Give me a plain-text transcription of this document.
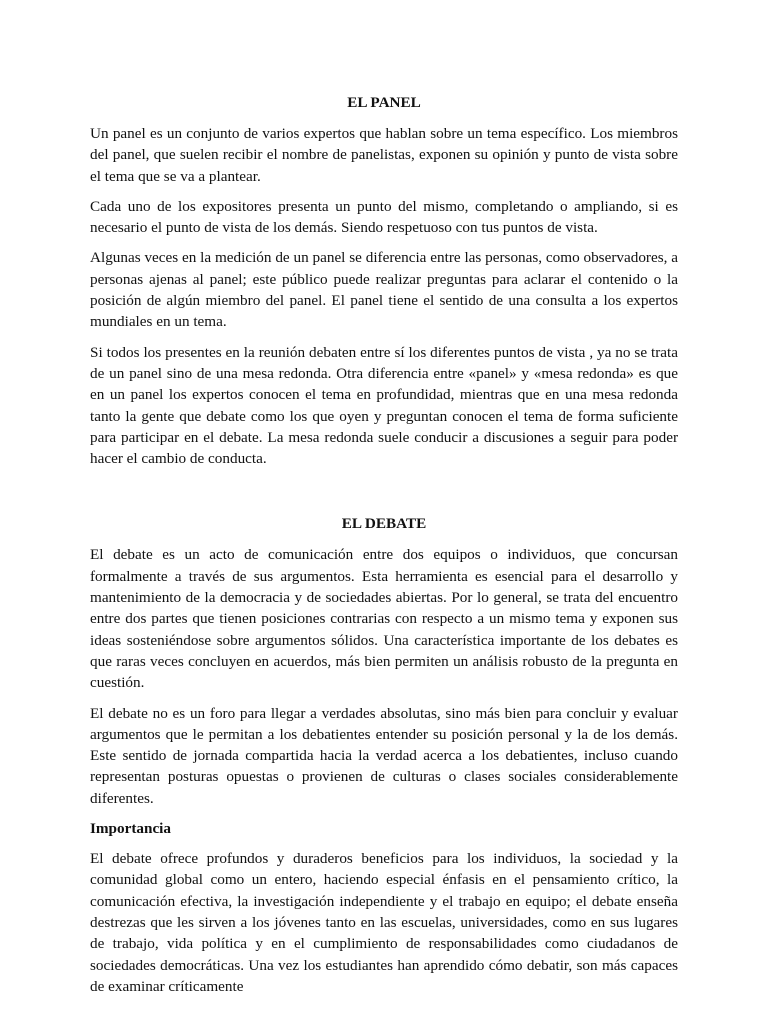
EL PANEL

Un panel es un conjunto de varios expertos que hablan sobre un tema específico. Los miembros del panel, que suelen recibir el nombre de panelistas, exponen su opinión y punto de vista sobre el tema que se va a plantear.

Cada uno de los expositores presenta un punto del mismo, completando o ampliando, si es necesario el punto de vista de los demás. Siendo respetuoso con tus puntos de vista.

Algunas veces en la medición de un panel se diferencia entre las personas, como observadores, a personas ajenas al panel; este público puede realizar preguntas para aclarar el contenido o la posición de algún miembro del panel. El panel tiene el sentido de una consulta a los expertos mundiales en un tema.

Si todos los presentes en la reunión debaten entre sí los diferentes puntos de vista , ya no se trata de un panel sino de una mesa redonda. Otra diferencia entre «panel» y «mesa redonda» es que en un panel los expertos conocen el tema en profundidad, mientras que en una mesa redonda tanto la gente que debate como los que oyen y preguntan conocen el tema de forma suficiente para participar en el debate. La mesa redonda suele conducir a discusiones a seguir para poder hacer el cambio de conducta.

EL DEBATE

El debate es un acto de comunicación entre dos equipos o individuos, que concursan formalmente a través de sus argumentos. Esta herramienta es esencial para el desarrollo y mantenimiento de la democracia y de sociedades abiertas. Por lo general, se trata del encuentro entre dos partes que tienen posiciones contrarias con respecto a un mismo tema y exponen sus ideas sosteniéndose sobre argumentos sólidos. Una característica importante de los debates es que raras veces concluyen en acuerdos, más bien permiten un análisis robusto de la pregunta en cuestión.

El debate no es un foro para llegar a verdades absolutas, sino más bien para concluir y evaluar argumentos que le permitan a los debatientes entender su posición personal y la de los demás. Este sentido de jornada compartida hacia la verdad acerca a los debatientes, incluso cuando representan posturas opuestas o provienen de culturas o clases sociales considerablemente diferentes.

Importancia

El debate ofrece profundos y duraderos beneficios para los individuos, la sociedad y la comunidad global como un entero, haciendo especial énfasis en el pensamiento crítico, la comunicación efectiva, la investigación independiente y el trabajo en equipo; el debate enseña destrezas que les sirven a los jóvenes tanto en las escuelas, universidades, como en sus lugares de trabajo, vida política y en el cumplimiento de responsabilidades como ciudadanos de sociedades democráticas. Una vez los estudiantes han aprendido cómo debatir, son más capaces de examinar críticamente
